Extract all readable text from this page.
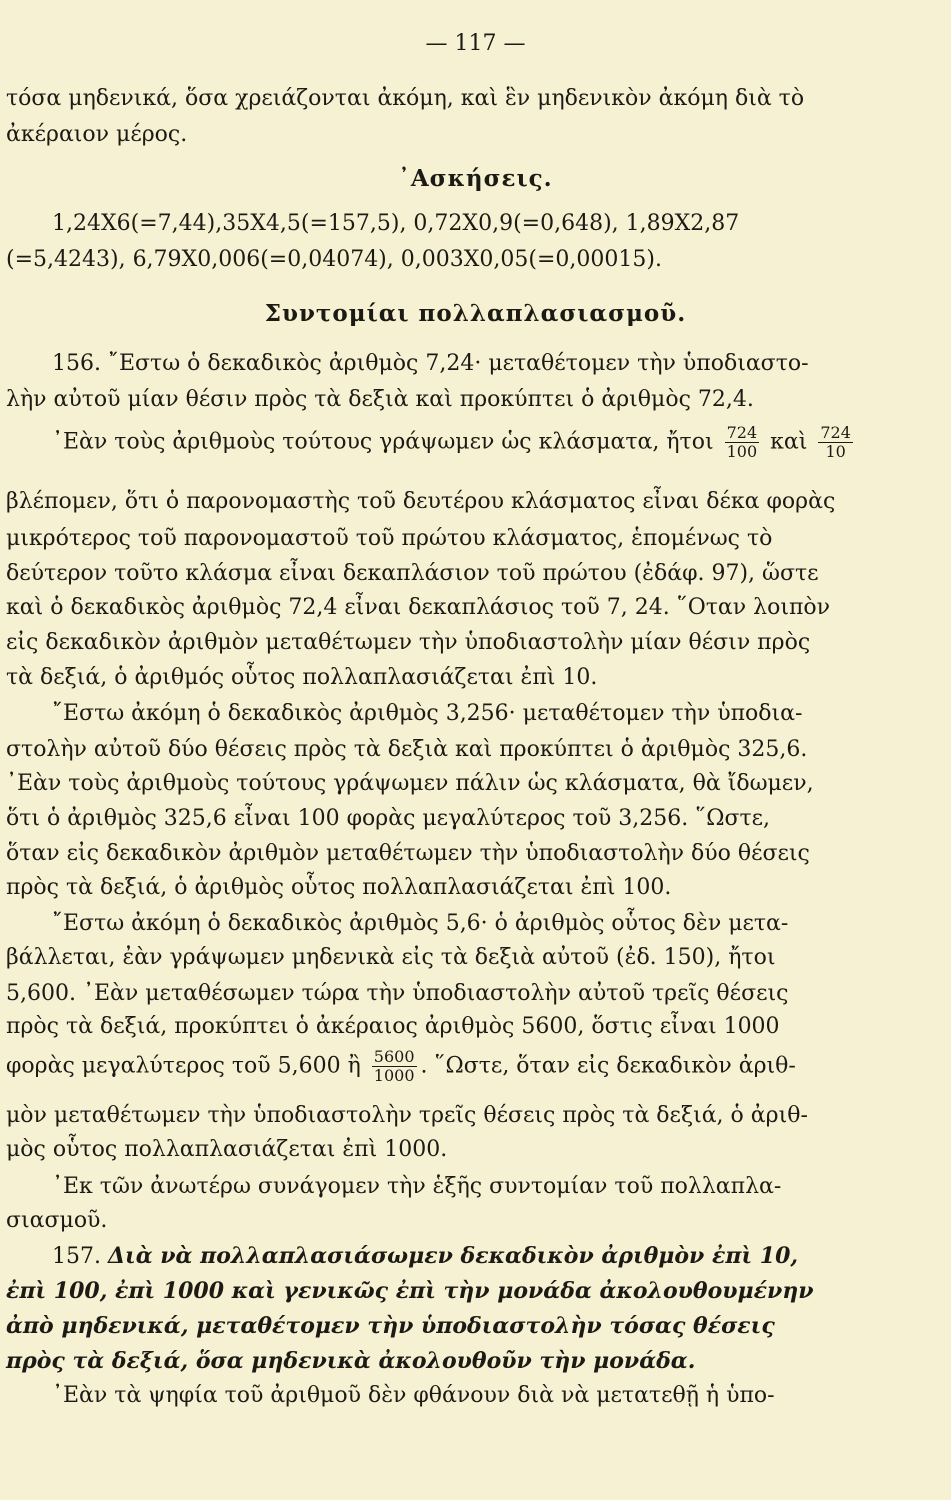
— 117 —
τόσα μηδενικά, ὅσα χρειάζονται ἀκόμη, καὶ ἓν μηδενικὸν ἀκόμη διὰ τὸ
ἀκέραιον μέρος.
᾿Ασκήσεις.
1,24X6(=7,44),35X4,5(=157,5), 0,72X0,9(=0,648), 1,89X2,87
(=5,4243), 6,79X0,006(=0,04074), 0,003X0,05(=0,00015).
Συντομίαι πολλαπλασιασμοῦ.
156. ῎Εστω ὁ δεκαδικὸς ἀριθμὸς 7,24· μεταθέτομεν τὴν ὑποδιαστο-
λὴν αὐτοῦ μίαν θέσιν πρὸς τὰ δεξιὰ καὶ προκύπτει ὁ ἀριθμὸς 72,4.
᾿Εὰν τοὺς ἀριθμοὺς τούτους γράψωμεν ὡς κλάσματα, ἤτοι $\frac{724}{100}$ καὶ $\frac{724}{10}$
βλέπομεν, ὅτι ὁ παρονομαστὴς τοῦ δευτέρου κλάσματος εἶναι δέκα φορὰς
μικρότερος τοῦ παρονομαστοῦ τοῦ πρώτου κλάσματος, ἑπομένως τὸ
δεύτερον τοῦτο κλάσμα εἶναι δεκαπλάσιον τοῦ πρώτου (ἐδάφ. 97), ὥστε
καὶ ὁ δεκαδικὸς ἀριθμὸς 72,4 εἶναι δεκαπλάσιος τοῦ 7, 24. ῞Οταν λοιπὸν
εἰς δεκαδικὸν ἀριθμὸν μεταθέτωμεν τὴν ὑποδιαστολὴν μίαν θέσιν πρὸς
τὰ δεξιά, ὁ ἀριθμός οὗτος πολλαπλασιάζεται ἐπὶ 10.
῎Εστω ἀκόμη ὁ δεκαδικὸς ἀριθμὸς 3,256· μεταθέτομεν τὴν ὑποδια-
στολὴν αὐτοῦ δύο θέσεις πρὸς τὰ δεξιὰ καὶ προκύπτει ὁ ἀριθμὸς 325,6.
᾿Εὰν τοὺς ἀριθμοὺς τούτους γράψωμεν πάλιν ὡς κλάσματα, θὰ ἴδωμεν,
ὅτι ὁ ἀριθμὸς 325,6 εἶναι 100 φορὰς μεγαλύτερος τοῦ 3,256. ῞Ωστε,
ὅταν εἰς δεκαδικὸν ἀριθμὸν μεταθέτωμεν τὴν ὑποδιαστολὴν δύο θέσεις
πρὸς τὰ δεξιά, ὁ ἀριθμὸς οὗτος πολλαπλασιάζεται ἐπὶ 100.
῎Εστω ἀκόμη ὁ δεκαδικὸς ἀριθμὸς 5,6· ὁ ἀριθμὸς οὗτος δὲν μετα-
βάλλεται, ἐὰν γράψωμεν μηδενικὰ εἰς τὰ δεξιὰ αὐτοῦ (ἐδ. 150), ἤτοι
5,600. ᾿Εὰν μεταθέσωμεν τώρα τὴν ὑποδιαστολὴν αὐτοῦ τρεῖς θέσεις
πρὸς τὰ δεξιά, προκύπτει ὁ ἀκέραιος ἀριθμὸς 5600, ὅστις εἶναι 1000
φορὰς μεγαλύτερος τοῦ 5,600 ἢ $\frac{5600}{1000}$ . ῞Ωστε, ὅταν εἰς δεκαδικὸν ἀριθ-
μὸν μεταθέτωμεν τὴν ὑποδιαστολὴν τρεῖς θέσεις πρὸς τὰ δεξιά, ὁ ἀριθ-
μὸς οὗτος πολλαπλασιάζεται ἐπὶ 1000.
᾿Εκ τῶν ἀνωτέρω συνάγομεν τὴν ἑξῆς συντομίαν τοῦ πολλαπλα-
σιασμοῦ.
157. Διὰ νὰ πολλαπλασιάσωμεν δεκαδικὸν ἀριθμὸν ἐπὶ 10,
ἐπὶ 100, ἐπὶ 1000 καὶ γενικῶς ἐπὶ τὴν μονάδα ἀκολουθουμένην
ἀπὸ μηδενικά, μεταθέτομεν τὴν ὑποδιαστολὴν τόσας θέσεις
πρὸς τὰ δεξιά, ὅσα μηδενικὰ ἀκολουθοῦν τὴν μονάδα.
᾿Εὰν τὰ ψηφία τοῦ ἀριθμοῦ δὲν φθάνουν διὰ νὰ μετατεθῇ ἡ ὑπο-
